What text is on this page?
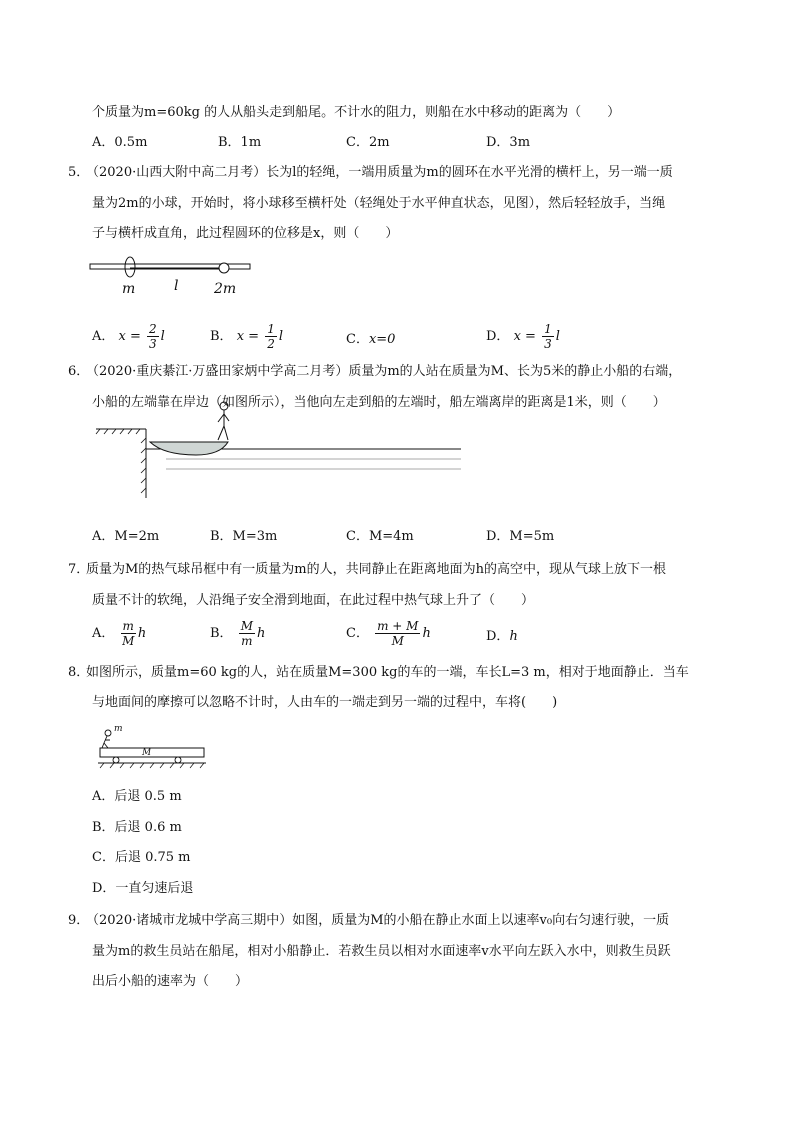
个质量为m=60kg 的人从船头走到船尾。不计水的阻力，则船在水中移动的距离为（　　）
A．0.5m	B．1m	C．2m	D．3m
5．
（2020·山西大附中高二月考）长为l的轻绳，一端用质量为m的圆环在水平光滑的横杆上，另一端一质
量为2m的小球，开始时，将小球移至横杆处（轻绳处于水平伸直状态，见图），然后轻轻放手，当绳
子与横杆成直角，此过程圆环的位移是x，则（　　）
m	l	2m
A． $x = \frac{2}{3}$ l	B． $x = \frac{1}{2}$ l	C．x=0	D． $x = \frac{1}{3}$ l
6．
（2020·重庆綦江·万盛田家炳中学高二月考）质量为m的人站在质量为M、长为5米的静止小船的右端，
小船的左端靠在岸边（如图所示），当他向左走到船的左端时，船左端离岸的距离是1米，则（　　）
A．M=2m	B．M=3m	C．M=4m	D．M=5m
7．
质量为M的热气球吊框中有一质量为m的人，共同静止在距离地面为h的高空中，现从气球上放下一根
质量不计的软绳，人沿绳子安全滑到地面，在此过程中热气球上升了（　　）
A． $\frac{m}{M}$ h	B． $\frac{M}{m}$ h	C． $\frac{m + M}{M}$ h	D．h
8．
如图所示，质量m=60 kg的人，站在质量M=300 kg的车的一端，车长L=3 m，相对于地面静止．当车
与地面间的摩擦可以忽略不计时，人由车的一端走到另一端的过程中，车将(　　)
m
M
A．后退 0.5 m
B．后退 0.6 m
C．后退 0.75 m
D．一直匀速后退
9．
（2020·诸城市龙城中学高三期中）如图，质量为M的小船在静止水面上以速率v₀向右匀速行驶，一质
量为m的救生员站在船尾，相对小船静止．若救生员以相对水面速率v水平向左跃入水中，则救生员跃
出后小船的速率为（　　）
